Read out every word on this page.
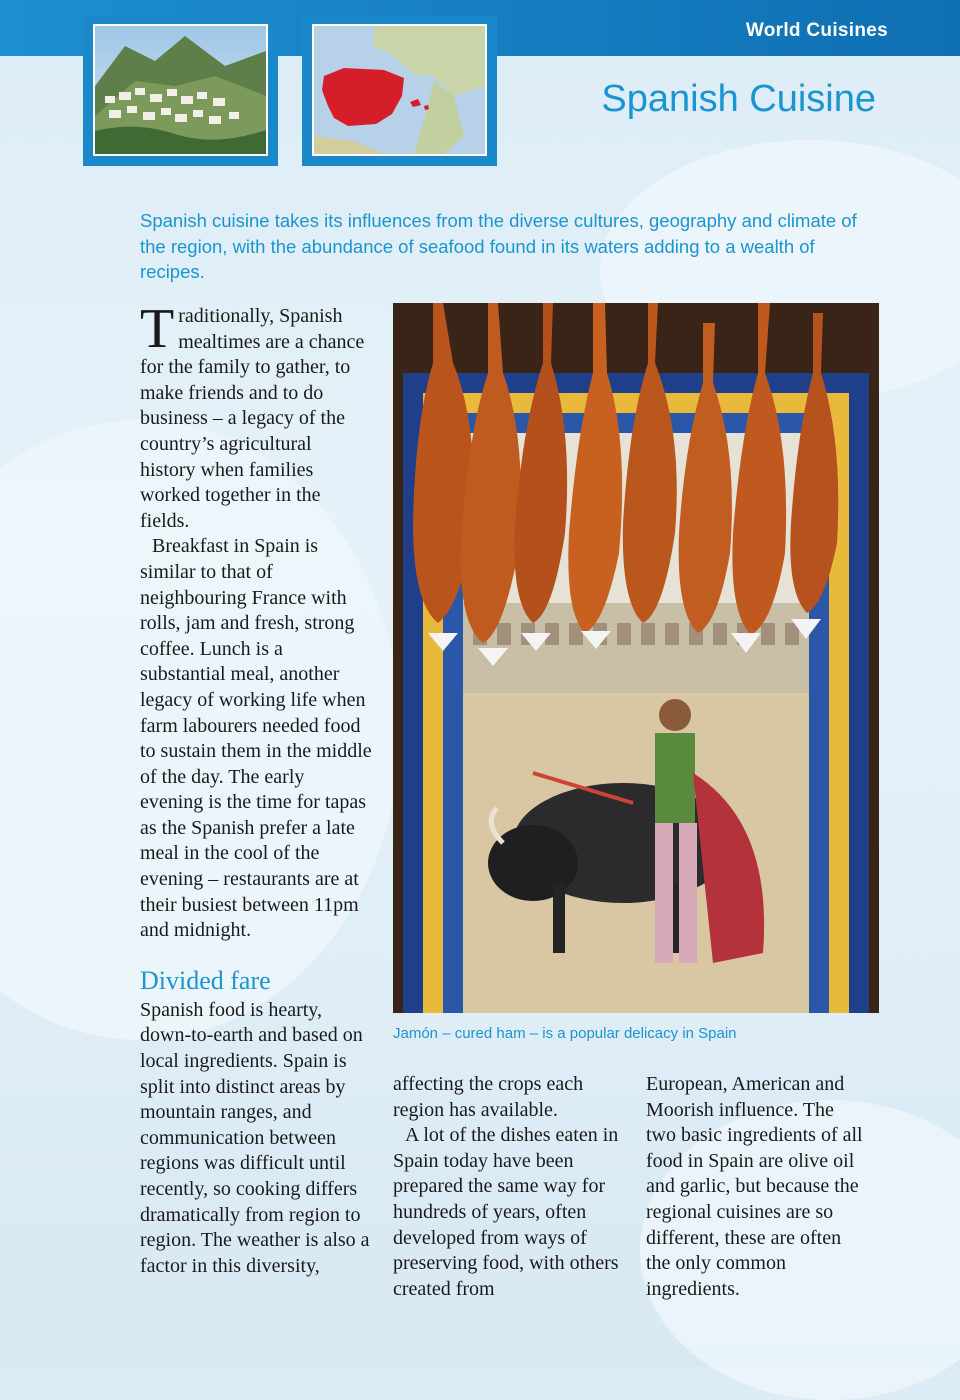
World Cuisines
Spanish Cuisine
Spanish cuisine takes its influences from the diverse cultures, geography and climate of the region, with the abundance of seafood found in its waters adding to a wealth of recipes.

Traditionally, Spanish mealtimes are a chance for the family to gather, to make friends and to do business – a legacy of the country’s agricultural history when families worked together in the fields.

Breakfast in Spain is similar to that of neighbouring France with rolls, jam and fresh, strong coffee. Lunch is a substantial meal, another legacy of working life when farm labourers needed food to sustain them in the middle of the day. The early evening is the time for tapas as the Spanish prefer a late meal in the cool of the evening – restaurants are at their busiest between 11pm and midnight.

Divided fare

Spanish food is hearty, down-to-earth and based on local ingredients. Spain is split into distinct areas by mountain ranges, and communication between regions was difficult until recently, so cooking differs dramatically from region to region. The weather is also a factor in this diversity,

Jamón – cured ham – is a popular delicacy in Spain

affecting the crops each region has available.

A lot of the dishes eaten in Spain today have been prepared the same way for hundreds of years, often developed from ways of preserving food, with others created from

European, American and Moorish influence. The two basic ingredients of all food in Spain are olive oil and garlic, but because the regional cuisines are so different, these are often the only common ingredients.
